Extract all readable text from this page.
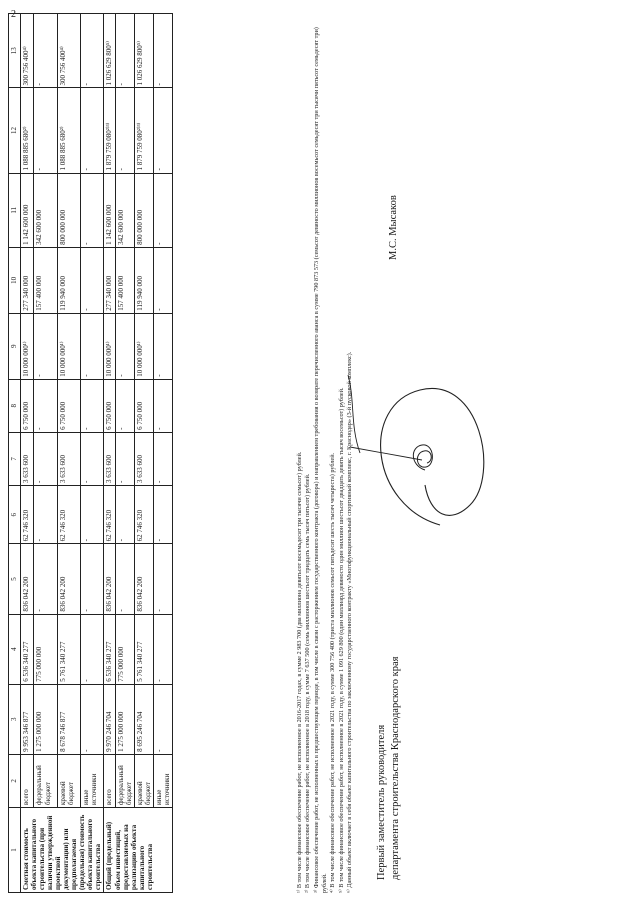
2
1	2	3	4	5	6	7	8	9	10	11	12	13
Сметная стоимость объекта капитального строительства (при наличии утвержденной проектной документации) или предполагаемая (предельная) стоимость объекта капитального строительства	всего	9 953 346 877	6 536 340 277	836 042 200	62 746 320	3 633 600	6 750 000	10 000 000¹⁾	277 340 000	1 142 600 000	1 088 885 680²⁾	300 756 400⁴⁾
	федеральный бюджет	1 275 000 000	775 000 000	-	-	-	-	-	157 400 000	342 600 000	-	-
	краевой бюджет	8 678 746 877	5 761 340 277	836 042 200	62 746 320	3 633 600	6 750 000	10 000 000¹⁾	119 940 000	800 000 000	1 088 885 680²⁾	300 756 400⁴⁾
	иные источники	-	-	-	-	-	-	-	-	-	-	-
Общий (предельный) объем инвестиций, предоставляемых на реализацию объекта капитального строительства	всего	9 970 246 704	6 536 340 277	836 042 200	62 746 320	3 633 600	6 750 000	10 000 000¹⁾	277 340 000	1 142 600 000	1 879 759 080²⁾³⁾	1 026 629 800⁵⁾
	федеральный бюджет	1 275 000 000	775 000 000	-	-	-	-	-	157 400 000	342 600 000	-	-
	краевой бюджет	8 695 246 704	5 761 340 277	836 042 200	62 746 320	3 633 600	6 750 000	10 000 000¹⁾	119 940 000	800 000 000	1 879 759 080²⁾³⁾	1 026 629 800⁵⁾
	иные источники	-	-	-	-	-	-	-	-	-	-	-
¹⁾ В том числе финансовое обеспечение работ, не исполненное в 2016-2017 годах, в сумме 2 983 700 (два миллиона девятьсот восемьдесят три тысячи семьсот) рублей. ²⁾ В том числе финансовое обеспечение работ, не исполненное в 2018 году, в сумме 7 637 500 (семь миллионов шестьсот тридцать семь тысяч пятьсот) рублей. ³⁾ Финансовое обеспечение работ, не исполненных в предшествующем периоде, в том числе в связи с расторжением государственного контракта (договора) и направлением требования о возврате перечисленного аванса в сумме 790 873 573 (семьсот девяносто миллионов восемьсот семьдесят три тысячи пятьсот семьдесят три) рублей. ⁴⁾ В том числе финансовое обеспечение работ, не исполненное в 2021 году, в сумме 300 756 400 (триста миллионов семьсот пятьдесят шесть тысяч четыреста) рублей. ⁵⁾ В том числе финансовое обеспечение работ, не исполненное в 2021 году, в сумме 1 091 629 800 (один миллиард девяносто один миллион шестьсот двадцать девять тысяч восемьсот) рублей. ⁶⁾ Данный объект включает в себя объект капитального строительства по заключенному государственного контракту «Многофункциональный спортивный комплекс, г. Краснодар» (3-й пусковой комплекс). Первый заместитель руководителя департамента строительства Краснодарского края
М.С. Мысаков
